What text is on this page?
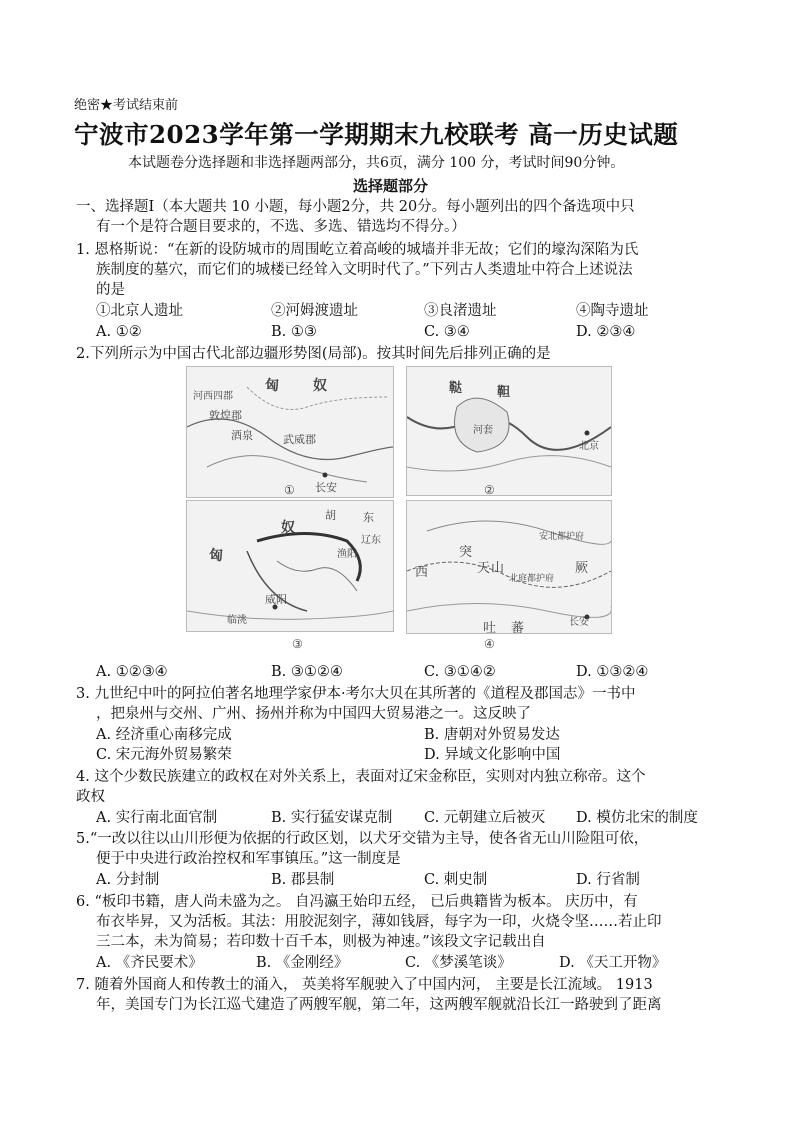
绝密★考试结束前
宁波市2023学年第一学期期末九校联考 高一历史试题
本试题卷分选择题和非选择题两部分，共6页，满分 100 分，考试时间90分钟。
选择题部分
一、选择题Ⅰ（本大题共 10 小题，每小题2分，共 20分。每小题列出的四个备选项中只
有一个是符合题目要求的，不选、多选、错选均不得分。）
1. 恩格斯说：“在新的设防城市的周围屹立着高峻的城墙并非无故；它们的壕沟深陷为氏
族制度的墓穴，而它们的城楼已经耸入文明时代了。”下列古人类遗址中符合上述说法
的是
①北京人遗址	②河姆渡遗址	③良渚遗址	④陶寺遗址
A. ①②	B. ①③	C. ③④	D. ②③④
2.下列所示为中国古代北部边疆形势图(局部)。按其时间先后排列正确的是
匈 奴
敦煌郡
酒泉	武威郡
长安
河西四郡
①
鞑	靼
河套
北京
②
胡 东
奴
匈
威阳
临洮
辽东
渔阳
③
突
厥
天 山
西
吐 蕃	长安
北庭都护府
安北都护府
④
A. ①②③④	B. ③①②④	C. ③①④②	D. ①③②④
3. 九世纪中叶的阿拉伯著名地理学家伊本·考尔大贝在其所著的《道程及郡国志》一书中
，把泉州与交州、广州、扬州并称为中国四大贸易港之一。这反映了
A. 经济重心南移完成	B. 唐朝对外贸易发达
C. 宋元海外贸易繁荣	D. 异域文化影响中国
4. 这个少数民族建立的政权在对外关系上，表面对辽宋金称臣，实则对内独立称帝。这个
政权
A. 实行南北面官制	B. 实行猛安谋克制 C. 元朝建立后被灭 D. 模仿北宋的制度
5.“一改以往以山川形便为依据的行政区划，以犬牙交错为主导，使各省无山川险阻可依，
便于中央进行政治控权和军事镇压。”这一制度是
A. 分封制	B. 郡县制	C. 刺史制	D. 行省制
6. “板印书籍，唐人尚未盛为之。 自冯瀛王始印五经， 已后典籍皆为板本。 庆历中，有
布衣毕昇，又为活板。其法：用胶泥刻字，薄如钱唇，每字为一印，火烧令坚……若止印
三二本，未为简易；若印数十百千本，则极为神速。”该段文字记载出自
A. 《齐民要术》	B. 《金刚经》	C. 《梦溪笔谈》	D. 《天工开物》
7. 随着外国商人和传教士的涌入， 英美将军舰驶入了中国内河， 主要是长江流域。 1913
年，美国专门为长江巡弋建造了两艘军舰，第二年，这两艘军舰就沿长江一路驶到了距离
